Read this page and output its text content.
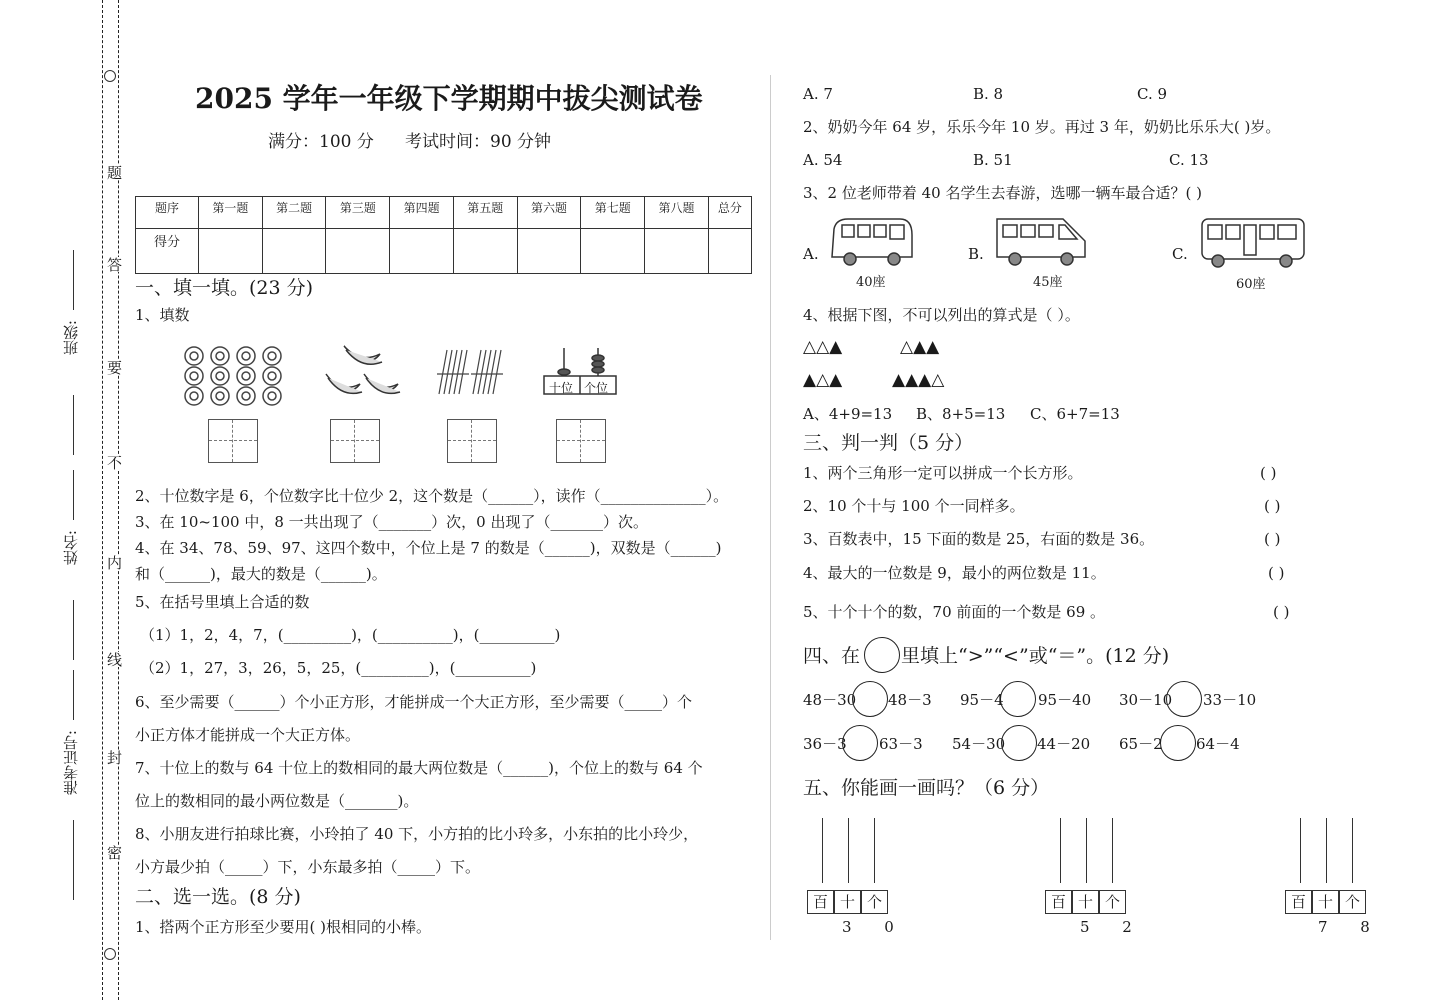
题
答
要
不
内
线
封
密
班级:
姓名:
准考证号:
2025 学年一年级下学期期中拔尖测试卷
满分：100 分 考试时间：90 分钟
题序	第一题	第二题	第三题	第四题	第五题	第六题	第七题	第八题	总分
得分									
一、填一填。(23 分)
1、填数
十位 个位
2、十位数字是 6，个位数字比十位少 2，这个数是（______），读作（______________）。
3、在 10~100 中，8 一共出现了（_______）次，0 出现了（_______）次。
4、在 34、78、59、97、这四个数中，个位上是 7 的数是（______)，双数是（______)
和（______)，最大的数是（______)。
5、在括号里填上合适的数
（1）1，2，4，7，(_________)，(__________)，(__________)
（2）1，27，3，26，5，25，(_________)，(__________)
6、至少需要（______）个小正方形，才能拼成一个大正方形，至少需要（_____）个
小正方体才能拼成一个大正方体。
7、十位上的数与 64 十位上的数相同的最大两位数是（______)，个位上的数与 64 个
位上的数相同的最小两位数是（_______)。
8、小朋友进行拍球比赛，小玲拍了 40 下，小方拍的比小玲多，小东拍的比小玲少，
小方最少拍（_____）下，小东最多拍（_____）下。
二、选一选。(8 分)
1、搭两个正方形至少要用( )根相同的小棒。
A. 7	B. 8	C. 9
2、奶奶今年 64 岁，乐乐今年 10 岁。再过 3 年，奶奶比乐乐大( )岁。
A. 54	B. 51	C. 13
3、2 位老师带着 40 名学生去春游，选哪一辆车最合适？( )
A.	B.	C.
40座	45座	60座
4、根据下图，不可以列出的算式是（ ）。
△△▲	△▲▲
▲△▲	▲▲▲△
A、4+9=13 B、8+5=13 C、6+7=13
三、判一判（5 分）
1、两个三角形一定可以拼成一个长方形。	( )
2、10 个十与 100 个一同样多。	( )
3、百数表中，15 下面的数是 25，右面的数是 36。	( )
4、最大的一位数是 9，最小的两位数是 11。	( )
5、十个十个的数，70 前面的一个数是 69 。	( )
四、在 里填上“>”“<”或“＝”。(12 分)
48－30 48－3 95－4 95－40 30－10 33－10
36－3 63－3 54－30 44－20 65－2 64－4
五、你能画一画吗？（6 分）
百 十 个
3 0
百 十 个
5 2
百 十 个
7 8
